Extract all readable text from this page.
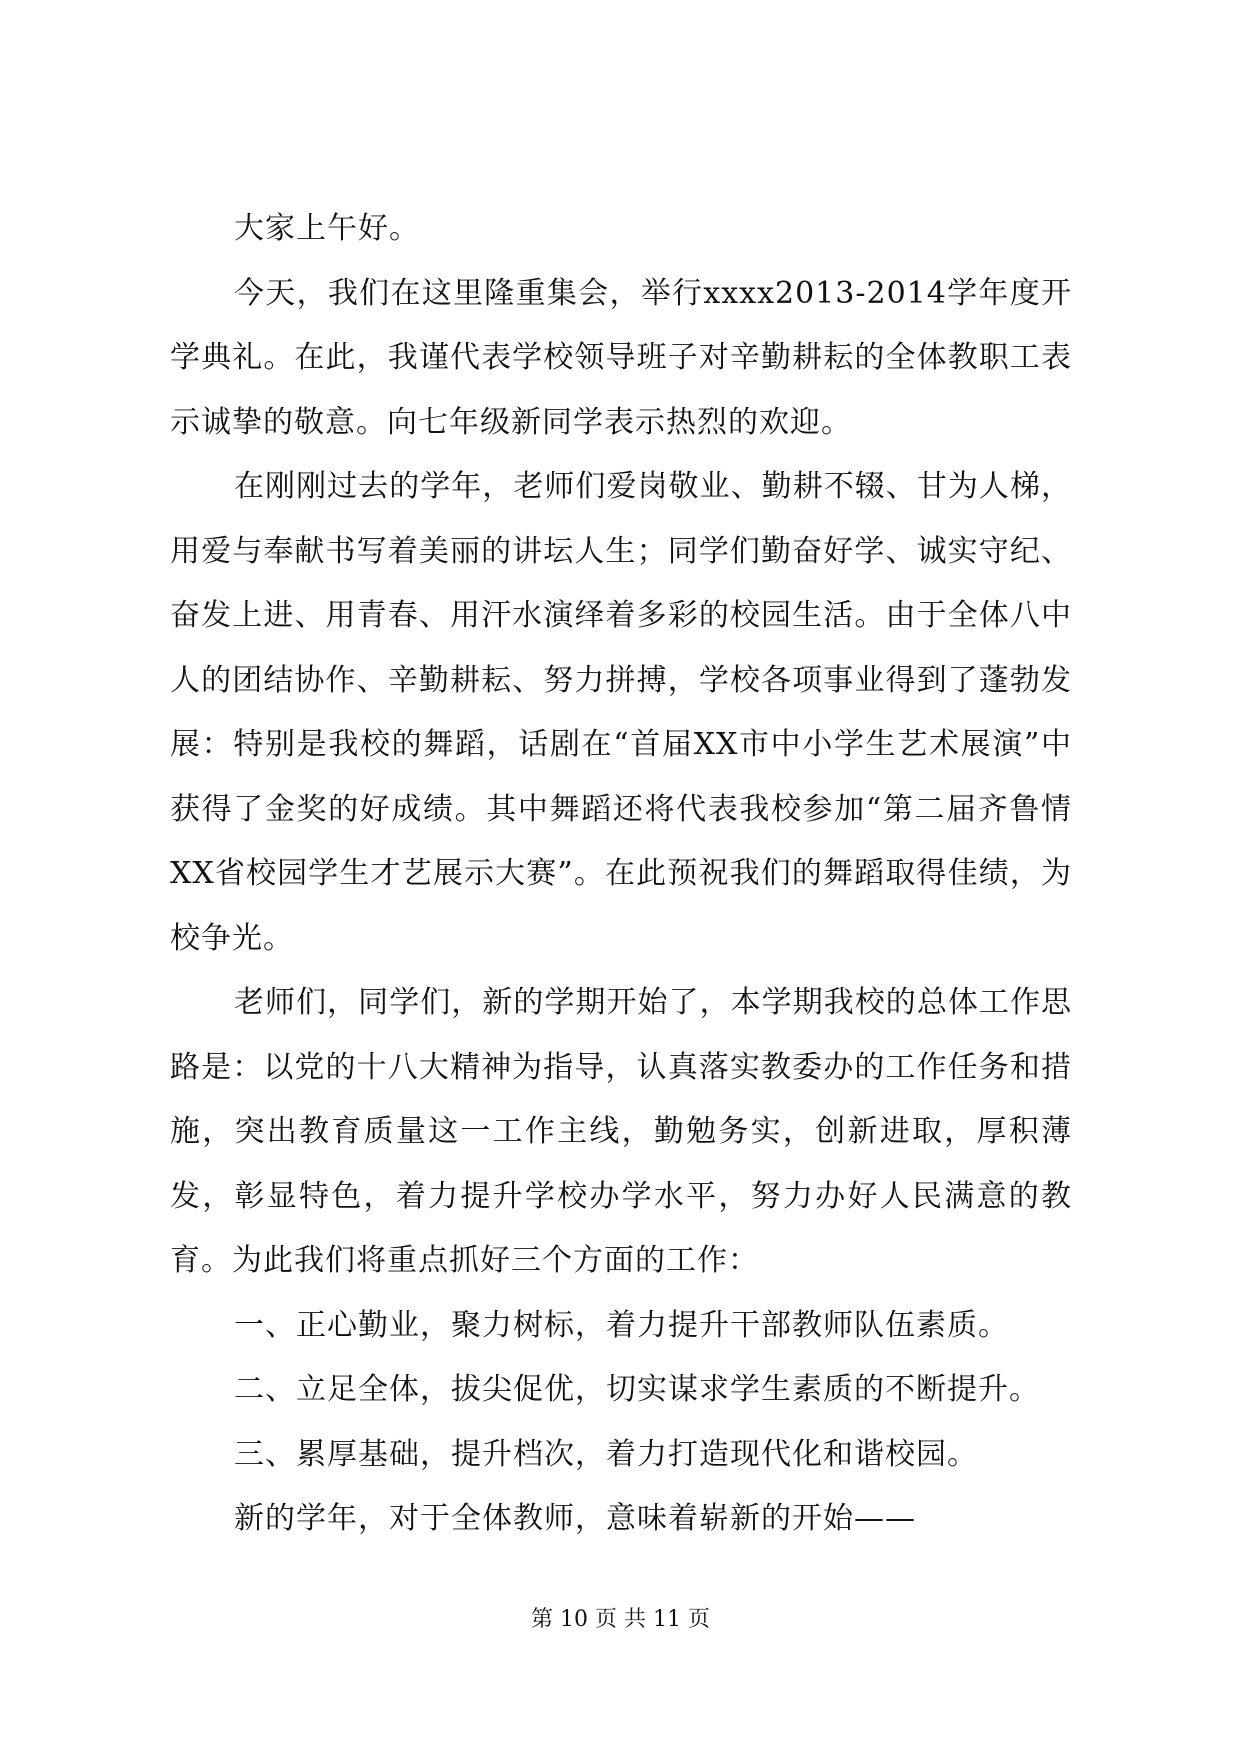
大家上午好。

今天，我们在这里隆重集会，举行xxxx2013-2014学年度开学典礼。在此，我谨代表学校领导班子对辛勤耕耘的全体教职工表示诚挚的敬意。向七年级新同学表示热烈的欢迎。

在刚刚过去的学年，老师们爱岗敬业、勤耕不辍、甘为人梯，用爱与奉献书写着美丽的讲坛人生；同学们勤奋好学、诚实守纪、奋发上进、用青春、用汗水演绎着多彩的校园生活。由于全体八中人的团结协作、辛勤耕耘、努力拼搏，学校各项事业得到了蓬勃发展：特别是我校的舞蹈，话剧在“首届XX市中小学生艺术展演”中获得了金奖的好成绩。其中舞蹈还将代表我校参加“第二届齐鲁情XX省校园学生才艺展示大赛”。在此预祝我们的舞蹈取得佳绩，为校争光。

老师们，同学们，新的学期开始了，本学期我校的总体工作思路是：以党的十八大精神为指导，认真落实教委办的工作任务和措施，突出教育质量这一工作主线，勤勉务实，创新进取，厚积薄发，彰显特色，着力提升学校办学水平，努力办好人民满意的教育。为此我们将重点抓好三个方面的工作：

一、正心勤业，聚力树标，着力提升干部教师队伍素质。

二、立足全体，拔尖促优，切实谋求学生素质的不断提升。

三、累厚基础，提升档次，着力打造现代化和谐校园。

新的学年，对于全体教师，意味着崭新的开始——

第 10 页 共 11 页
